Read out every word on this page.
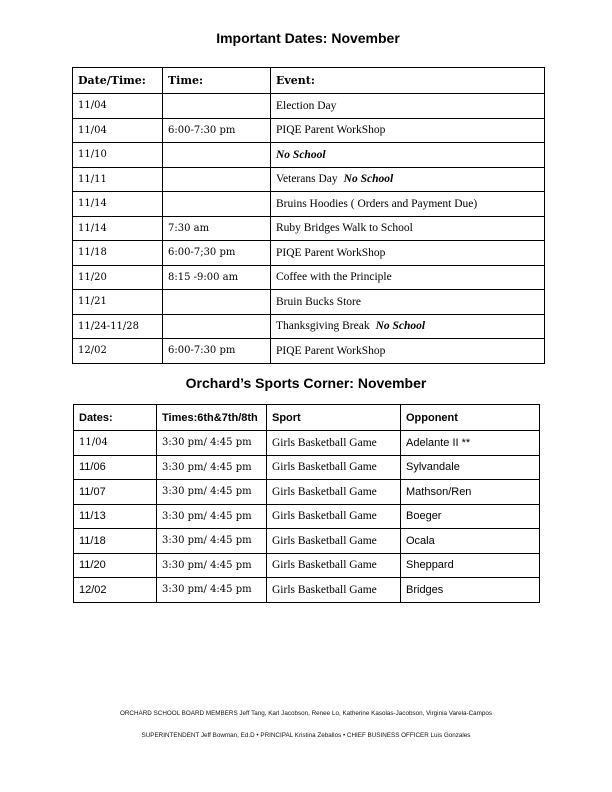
Important Dates: November
Date/Time:	Time:	Event:
11/04		Election Day
11/04	6:00-7:30 pm	PIQE Parent WorkShop
11/10		No School
11/11		Veterans Day No School
11/14		Bruins Hoodies ( Orders and Payment Due)
11/14	7:30 am	Ruby Bridges Walk to School
11/18	6:00-7;30 pm	PIQE Parent WorkShop
11/20	8:15 -9:00 am	Coffee with the Principle
11/21		Bruin Bucks Store
11/24-11/28		Thanksgiving Break No School
12/02	6:00-7:30 pm	PIQE Parent WorkShop
Orchard’s Sports Corner: November
Dates:	Times:6th&7th/8th	Sport	Opponent
11/04	3:30 pm/ 4:45 pm	Girls Basketball Game	Adelante II **
11/06	3:30 pm/ 4:45 pm	Girls Basketball Game	Sylvandale
11/07	3:30 pm/ 4:45 pm	Girls Basketball Game	Mathson/Ren
11/13	3:30 pm/ 4:45 pm	Girls Basketball Game	Boeger
11/18	3:30 pm/ 4:45 pm	Girls Basketball Game	Ocala
11/20	3:30 pm/ 4:45 pm	Girls Basketball Game	Sheppard
12/02	3:30 pm/ 4:45 pm	Girls Basketball Game	Bridges
ORCHARD SCHOOL BOARD MEMBERS Jeff Tang, Karl Jacobson, Renee Lo, Katherine Kasolas-Jacobson, Virginia Varela-Campos
SUPERINTENDENT Jeff Bowman, Ed.D • PRINCIPAL Kristina Zeballos • CHIEF BUSINESS OFFICER Luis Gonzales
